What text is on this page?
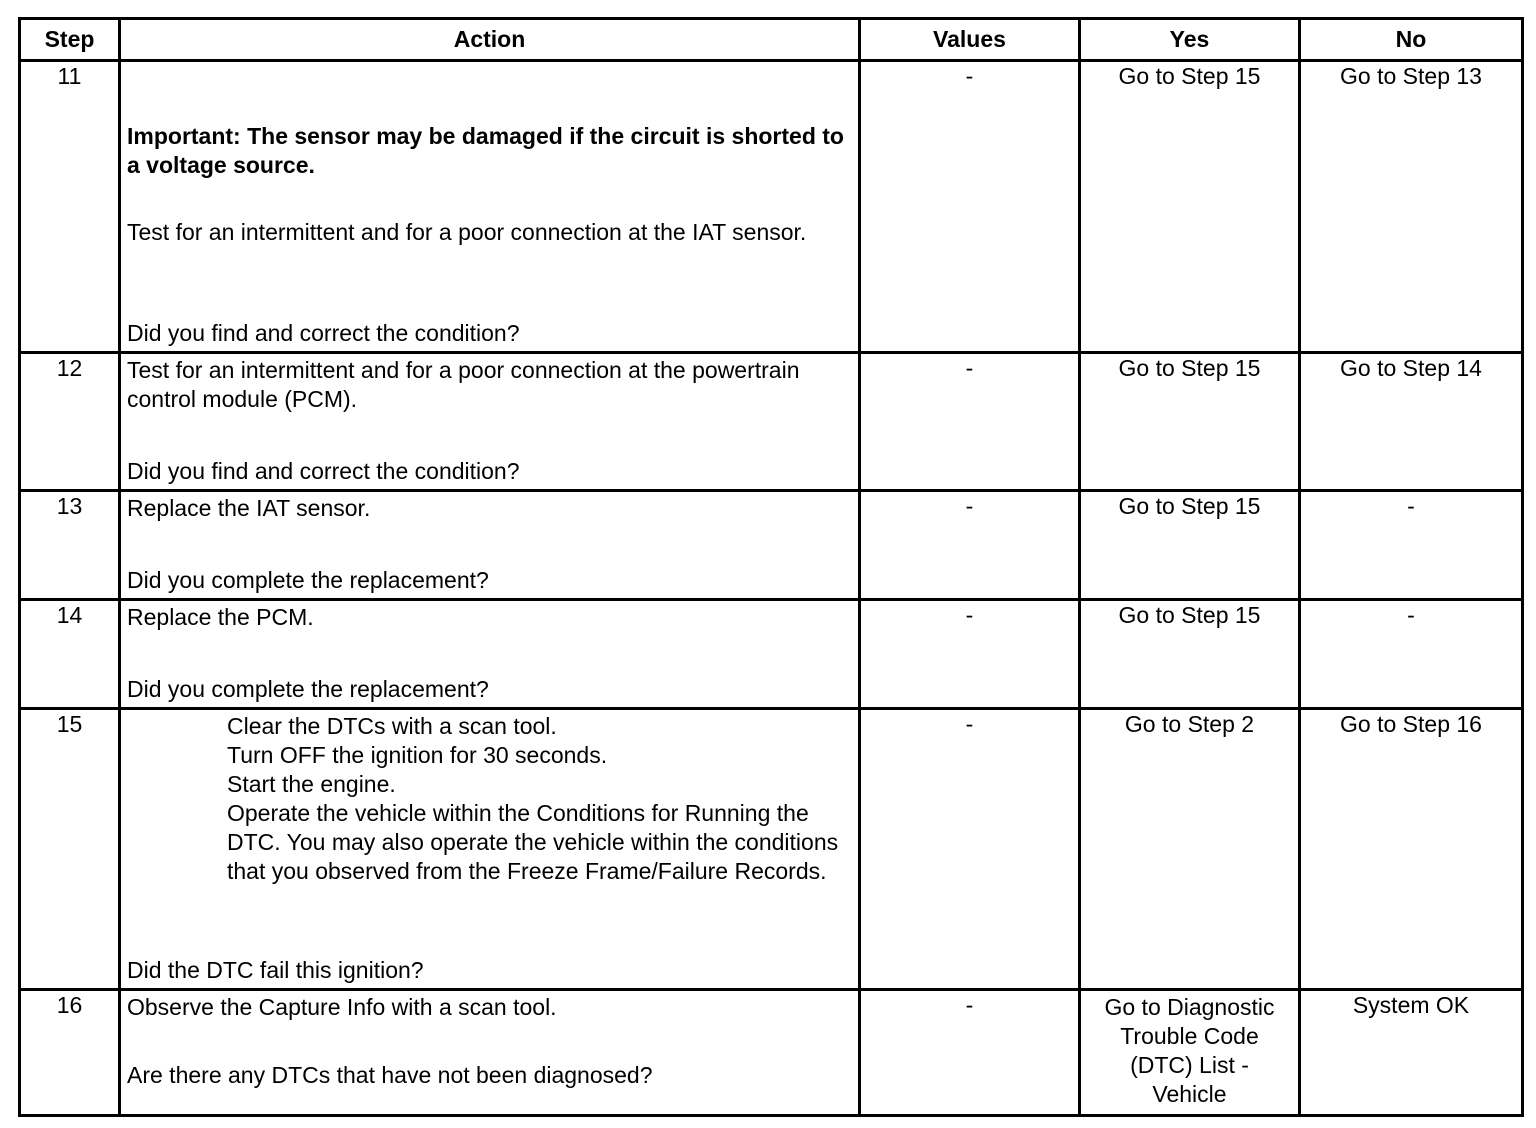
Step	Action	Values	Yes	No
11	Important: The sensor may be damaged if the circuit is shorted to a voltage source.
Test for an intermittent and for a poor connection at the IAT sensor.
Did you find and correct the condition?	-	Go to Step 15	Go to Step 13

12	Test for an intermittent and for a poor connection at the powertrain control module (PCM).
Did you find and correct the condition?	-	Go to Step 15	Go to Step 14

13	Replace the IAT sensor.
Did you complete the replacement?	-	Go to Step 15	-

14	Replace the PCM.
Did you complete the replacement?	-	Go to Step 15	-

15	Clear the DTCs with a scan tool.
Turn OFF the ignition for 30 seconds.
Start the engine.
Operate the vehicle within the Conditions for Running the DTC. You may also operate the vehicle within the conditions that you observed from the Freeze Frame/Failure Records.
Did the DTC fail this ignition?	-	Go to Step 2	Go to Step 16

16	Observe the Capture Info with a scan tool.
Are there any DTCs that have not been diagnosed?	-	Go to Diagnostic Trouble Code (DTC) List - Vehicle	System OK
